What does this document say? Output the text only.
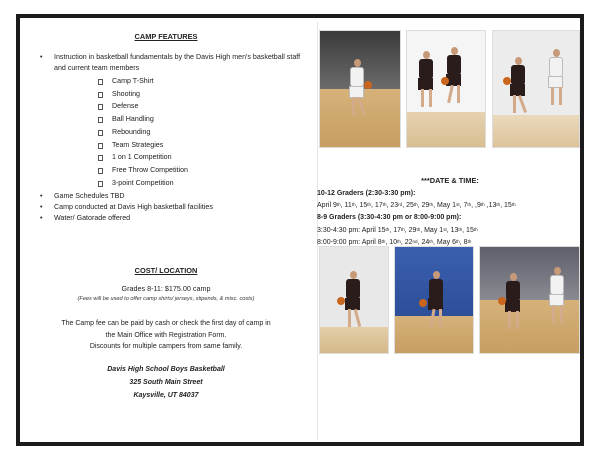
CAMP FEATURES
• Instruction in basketball fundamentals by the Davis High men's basketball staff and current team members
Camp T-Shirt
Shooting
Defense
Ball Handling
Rebounding
Team Strategies
1 on 1 Competition
Free Throw Competition
3-point Competition
• Game Schedules TBD
• Camp conducted at Davis High basketball facilities
• Water/ Gatorade offered
COST/ LOCATION
Grades 8-11: $175.00 camp
(Fees will be used to offer camp shirts/ jerseys, stipends, & misc. costs)
The Camp fee can be paid by cash or check the first day of camp in
the Main Office with Registration Form.
Discounts for multiple campers from same family.
Davis High School Boys Basketball
325 South Main Street
Kaysville, UT 84037
***DATE & TIME:
10-12 Graders (2:30-3:30 pm):
April 9th, 11th, 15th, 17th, 23rd, 25th, 29th, May 1st, 7th, ,9th ,13th, 15th
8-9 Graders (3:30-4:30 pm or 8:00-9:00 pm):
3:30-4:30 pm: April 15th, 17th, 29th, May 1st, 13th, 15th
8:00-9:00 pm: April 8th, 10th, 22nd, 24th, May 6th, 8th
